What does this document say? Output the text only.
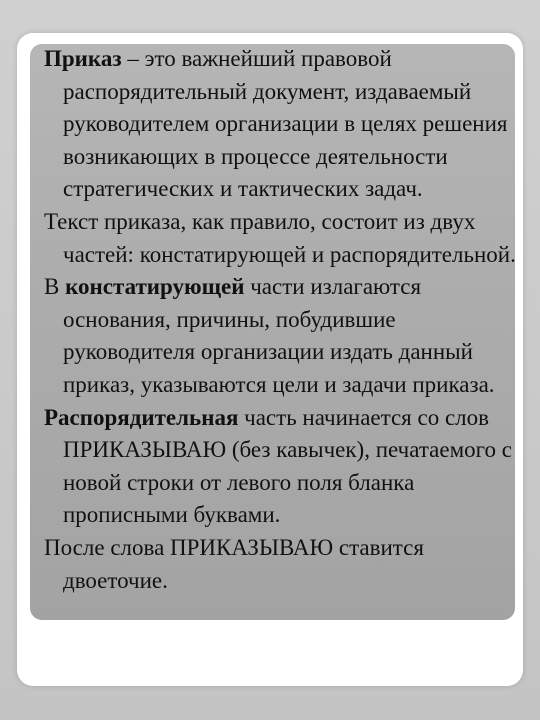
Приказ – это важнейший правовой распорядительный документ, издаваемый руководителем организации в целях решения возникающих в процессе деятельности стратегических и тактических задач.

Текст приказа, как правило, состоит из двух частей: констатирующей и распорядительной.

В констатирующей части излагаются основания, причины, побудившие руководителя организации издать данный приказ, указываются цели и задачи приказа.

Распорядительная часть начинается со слов ПРИКАЗЫВАЮ (без кавычек), печатаемого с новой строки от левого поля бланка прописными буквами.

После слова ПРИКАЗЫВАЮ ставится двоеточие.
